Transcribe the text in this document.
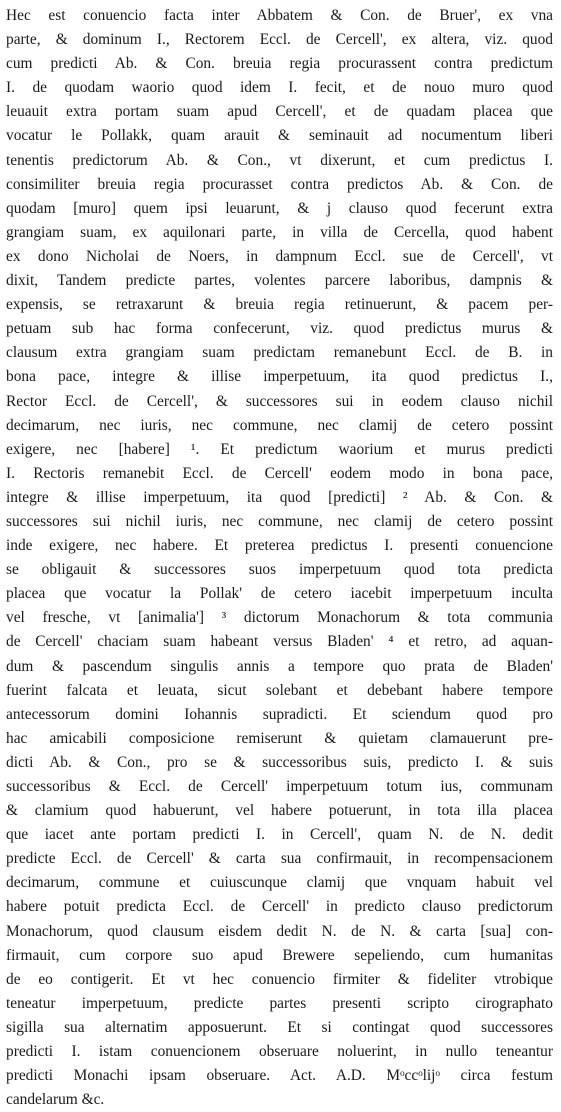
Hec est conuencio facta inter Abbatem & Con. de Bruer', ex vna
parte, & dominum I., Rectorem Eccl. de Cercell', ex altera, viz. quod
cum predicti Ab. & Con. breuia regia procurassent contra predictum
I. de quodam waorio quod idem I. fecit, et de nouo muro quod
leuauit extra portam suam apud Cercell', et de quadam placea que
vocatur le Pollakk, quam arauit & seminauit ad nocumentum liberi
tenentis predictorum Ab. & Con., vt dixerunt, et cum predictus I.
consimiliter breuia regia procurasset contra predictos Ab. & Con. de
quodam [muro] quem ipsi leuarunt, & j clauso quod fecerunt extra
grangiam suam, ex aquilonari parte, in villa de Cercella, quod habent
ex dono Nicholai de Noers, in dampnum Eccl. sue de Cercell', vt
dixit, Tandem predicte partes, volentes parcere laboribus, dampnis &
expensis, se retraxarunt & breuia regia retinuerunt, & pacem per-
petuam sub hac forma confecerunt, viz. quod predictus murus &
clausum extra grangiam suam predictam remanebunt Eccl. de B. in
bona pace, integre & illise imperpetuum, ita quod predictus I.,
Rector Eccl. de Cercell', & successores sui in eodem clauso nichil
decimarum, nec iuris, nec commune, nec clamij de cetero possint
exigere, nec [habere] ¹. Et predictum waorium et murus predicti
I. Rectoris remanebit Eccl. de Cercell' eodem modo in bona pace,
integre & illise imperpetuum, ita quod [predicti] ² Ab. & Con. &
successores sui nichil iuris, nec commune, nec clamij de cetero possint
inde exigere, nec habere. Et preterea predictus I. presenti conuencione
se obligauit & successores suos imperpetuum quod tota predicta
placea que vocatur la Pollak' de cetero iacebit imperpetuum inculta
vel fresche, vt [animalia'] ³ dictorum Monachorum & tota communia
de Cercell' chaciam suam habeant versus Bladen' ⁴ et retro, ad aquan-
dum & pascendum singulis annis a tempore quo prata de Bladen'
fuerint falcata et leuata, sicut solebant et debebant habere tempore
antecessorum domini Iohannis supradicti. Et sciendum quod pro
hac amicabili composicione remiserunt & quietam clamauerunt pre-
dicti Ab. & Con., pro se & successoribus suis, predicto I. & suis
successoribus & Eccl. de Cercell' imperpetuum totum ius, communam
& clamium quod habuerunt, vel habere potuerunt, in tota illa placea
que iacet ante portam predicti I. in Cercell', quam N. de N. dedit
predicte Eccl. de Cercell' & carta sua confirmauit, in recompensacionem
decimarum, commune et cuiuscunque clamij que vnquam habuit vel
habere potuit predicta Eccl. de Cercell' in predicto clauso predictorum
Monachorum, quod clausum eisdem dedit N. de N. & carta [sua] con-
firmauit, cum corpore suo apud Brewere sepeliendo, cum humanitas
de eo contigerit. Et vt hec conuencio firmiter & fideliter vtrobique
teneatur imperpetuum, predicte partes presenti scripto cirographato
sigilla sua alternatim apposuerunt. Et si contingat quod successores
predicti I. istam conuencionem obseruare noluerint, in nullo teneantur
predicti Monachi ipsam obseruare. Act. A.D. Mᵒccᵒlijᵒ circa festum
candelarum &c.
